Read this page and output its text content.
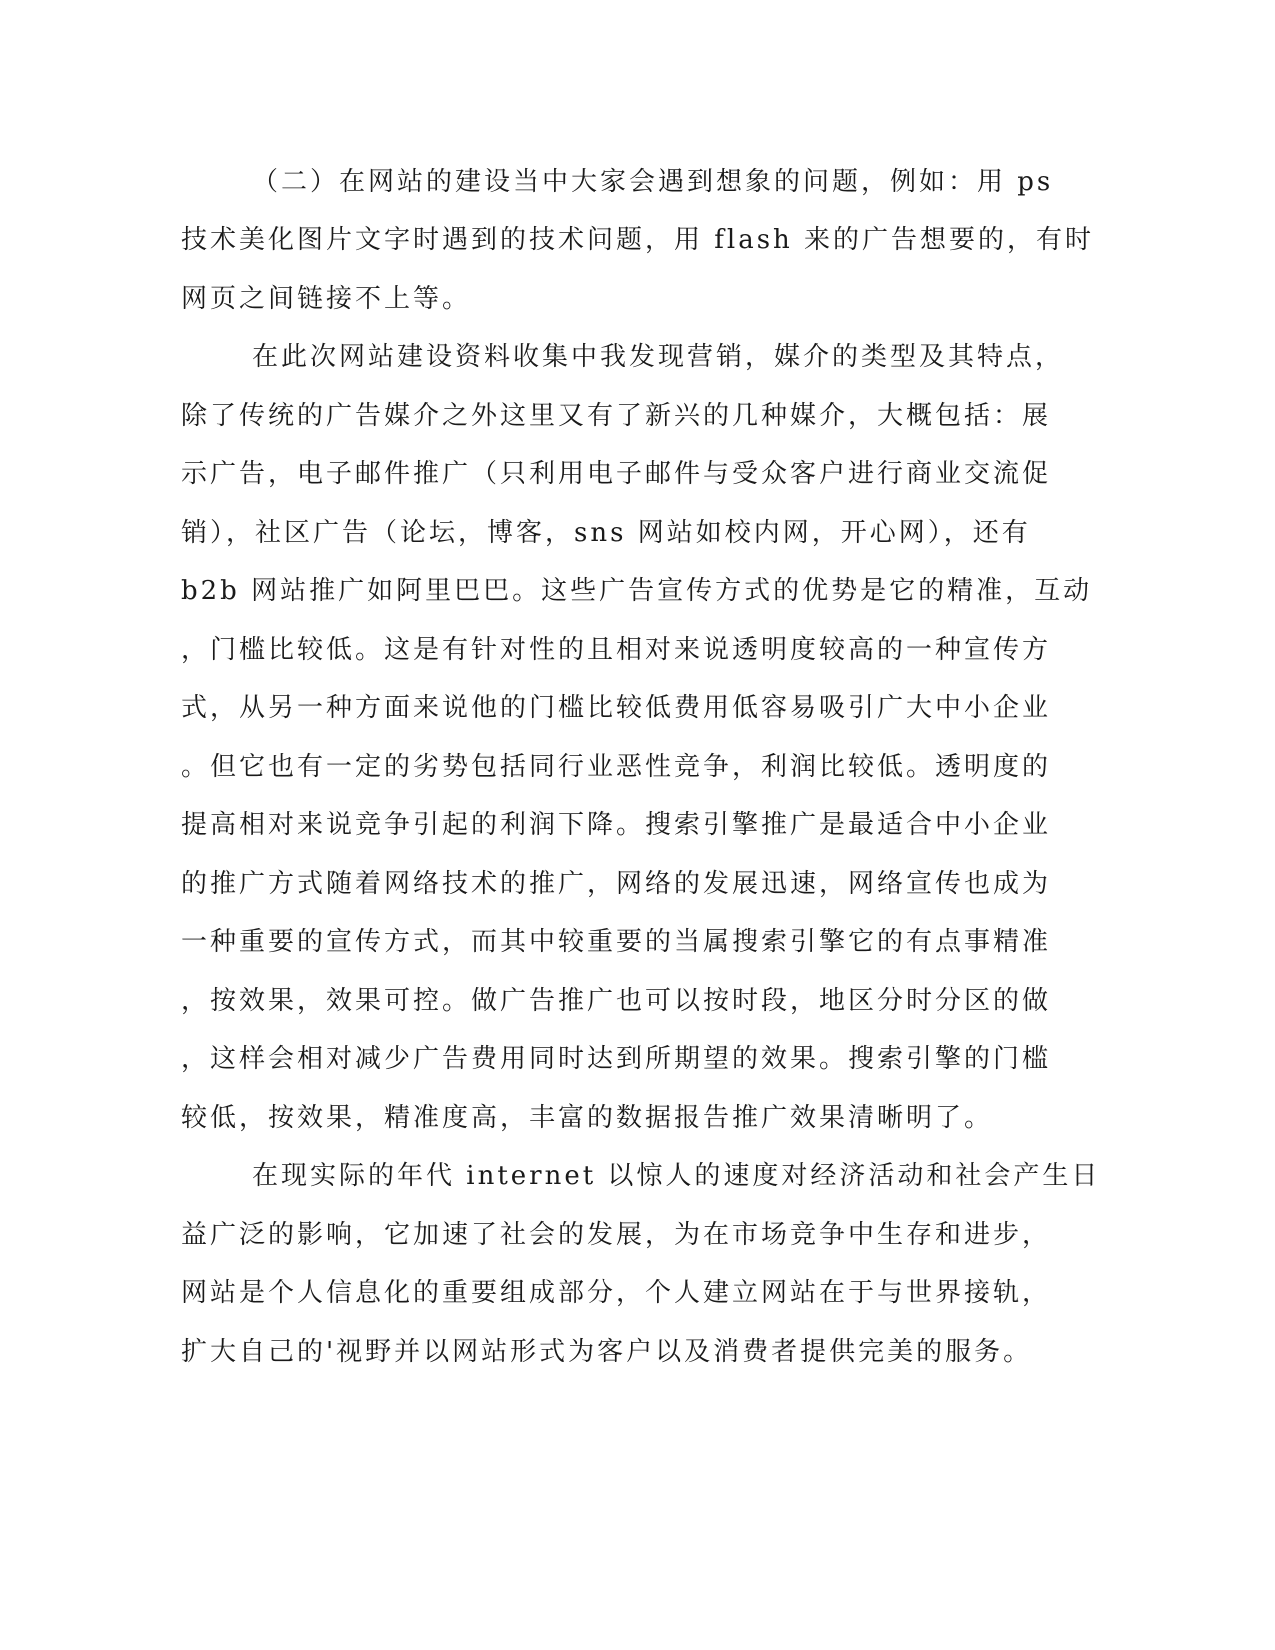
（二）在网站的建设当中大家会遇到想象的问题，例如：用 ps

技术美化图片文字时遇到的技术问题，用 flash 来的广告想要的，有时

网页之间链接不上等。

在此次网站建设资料收集中我发现营销，媒介的类型及其特点，

除了传统的广告媒介之外这里又有了新兴的几种媒介，大概包括：展

示广告，电子邮件推广（只利用电子邮件与受众客户进行商业交流促

销），社区广告（论坛，博客，sns 网站如校内网，开心网），还有

b2b 网站推广如阿里巴巴。这些广告宣传方式的优势是它的精准，互动

，门槛比较低。这是有针对性的且相对来说透明度较高的一种宣传方

式，从另一种方面来说他的门槛比较低费用低容易吸引广大中小企业

。但它也有一定的劣势包括同行业恶性竞争，利润比较低。透明度的

提高相对来说竞争引起的利润下降。搜索引擎推广是最适合中小企业

的推广方式随着网络技术的推广，网络的发展迅速，网络宣传也成为

一种重要的宣传方式，而其中较重要的当属搜索引擎它的有点事精准

，按效果，效果可控。做广告推广也可以按时段，地区分时分区的做

，这样会相对减少广告费用同时达到所期望的效果。搜索引擎的门槛

较低，按效果，精准度高，丰富的数据报告推广效果清晰明了。

在现实际的年代 internet 以惊人的速度对经济活动和社会产生日

益广泛的影响，它加速了社会的发展，为在市场竞争中生存和进步，

网站是个人信息化的重要组成部分，个人建立网站在于与世界接轨，

扩大自己的'视野并以网站形式为客户以及消费者提供完美的服务。
